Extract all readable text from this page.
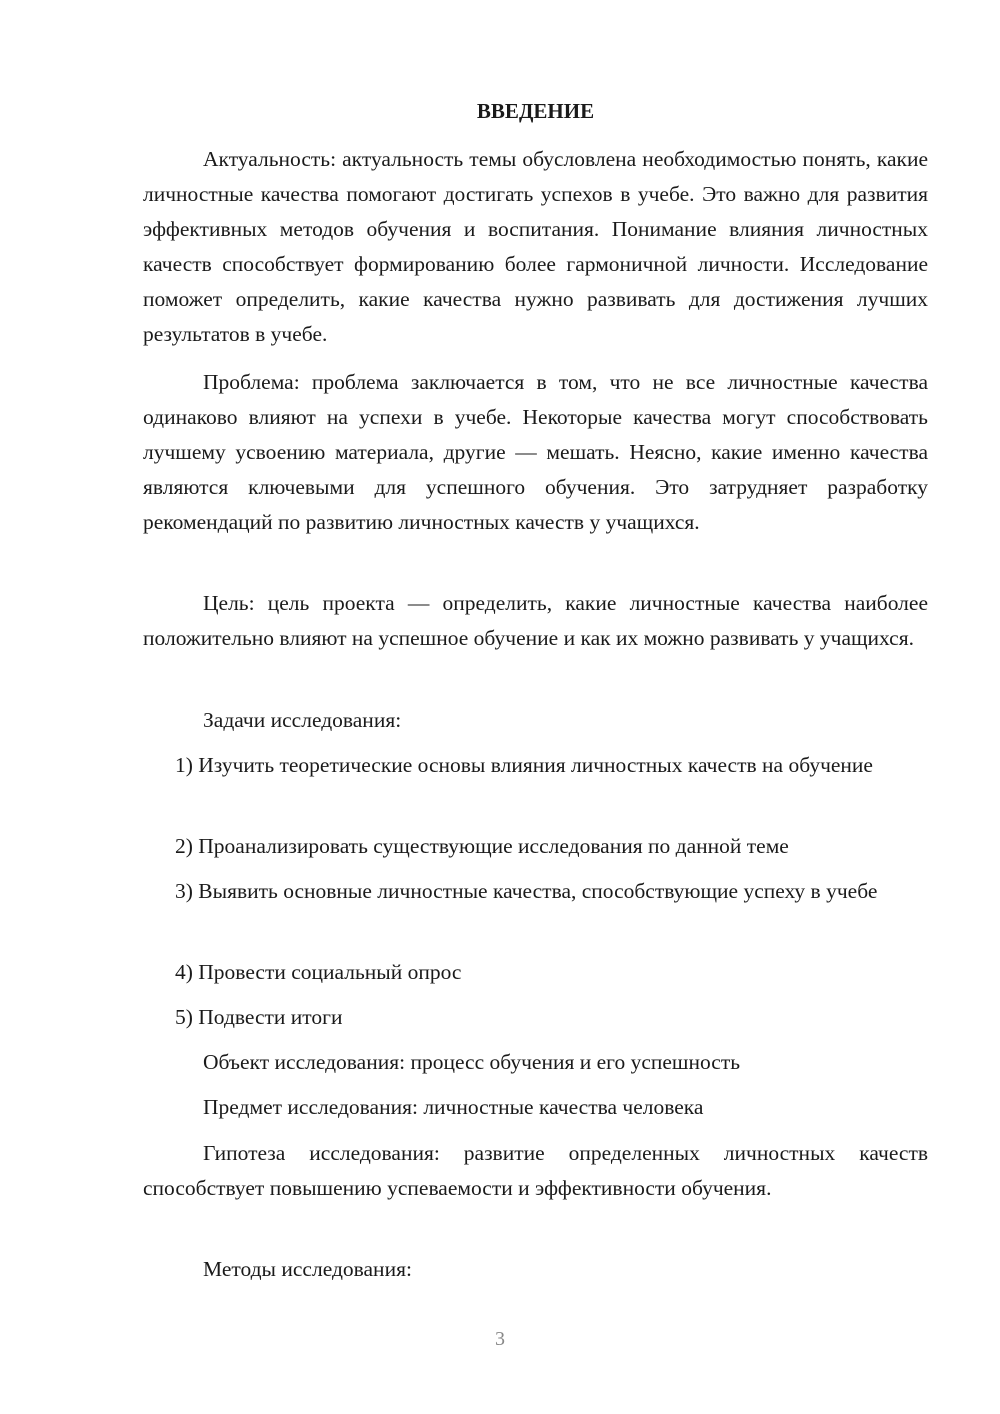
ВВЕДЕНИЕ

Актуальность: актуальность темы обусловлена необходимостью понять, какие личностные качества помогают достигать успехов в учебе. Это важно для развития эффективных методов обучения и воспитания. Понимание влияния личностных качеств способствует формированию более гармоничной личности. Исследование поможет определить, какие качества нужно развивать для достижения лучших результатов в учебе.

Проблема: проблема заключается в том, что не все личностные качества одинаково влияют на успехи в учебе. Некоторые качества могут способствовать лучшему усвоению материала, другие — мешать. Неясно, какие именно качества являются ключевыми для успешного обучения. Это затрудняет разработку рекомендаций по развитию личностных качеств у учащихся.

Цель: цель проекта — определить, какие личностные качества наиболее положительно влияют на успешное обучение и как их можно развивать у учащихся.

Задачи исследования:

1) Изучить теоретические основы влияния личностных качеств на обучение

2) Проанализировать существующие исследования по данной теме

3) Выявить основные личностные качества, способствующие успеху в учебе

4) Провести социальный опрос

5) Подвести итоги

Объект исследования: процесс обучения и его успешность

Предмет исследования: личностные качества человека

Гипотеза исследования: развитие определенных личностных качеств способствует повышению успеваемости и эффективности обучения.

Методы исследования:

3
